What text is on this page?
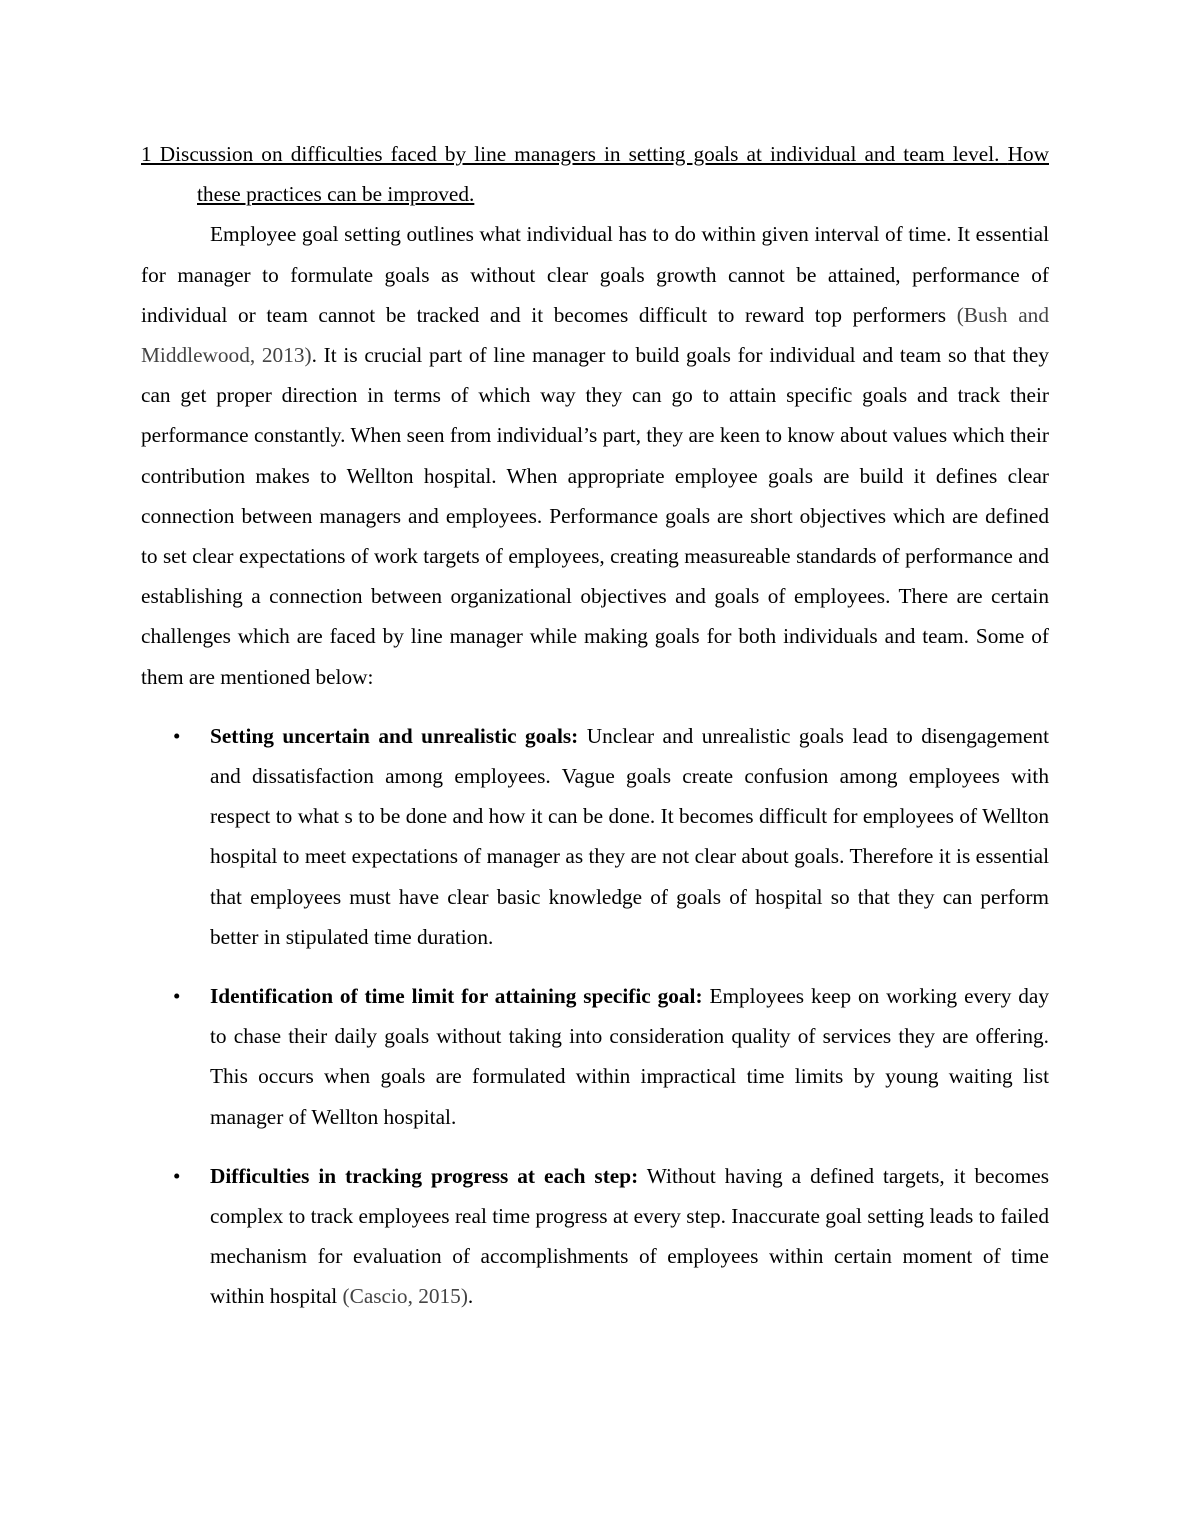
1 Discussion on difficulties faced by line managers in setting goals at individual and team level. How these practices can be improved.

Employee goal setting outlines what individual has to do within given interval of time. It essential for manager to formulate goals as without clear goals growth cannot be attained, performance of individual or team cannot be tracked and it becomes difficult to reward top performers (Bush and Middlewood, 2013). It is crucial part of line manager to build goals for individual and team so that they can get proper direction in terms of which way they can go to attain specific goals and track their performance constantly. When seen from individual’s part, they are keen to know about values which their contribution makes to Wellton hospital. When appropriate employee goals are build it defines clear connection between managers and employees. Performance goals are short objectives which are defined to set clear expectations of work targets of employees, creating measureable standards of performance and establishing a connection between organizational objectives and goals of employees. There are certain challenges which are faced by line manager while making goals for both individuals and team. Some of them are mentioned below:

• Setting uncertain and unrealistic goals: Unclear and unrealistic goals lead to disengagement and dissatisfaction among employees. Vague goals create confusion among employees with respect to what s to be done and how it can be done. It becomes difficult for employees of Wellton hospital to meet expectations of manager as they are not clear about goals. Therefore it is essential that employees must have clear basic knowledge of goals of hospital so that they can perform better in stipulated time duration.
• Identification of time limit for attaining specific goal: Employees keep on working every day to chase their daily goals without taking into consideration quality of services they are offering. This occurs when goals are formulated within impractical time limits by young waiting list manager of Wellton hospital.
• Difficulties in tracking progress at each step: Without having a defined targets, it becomes complex to track employees real time progress at every step. Inaccurate goal setting leads to failed mechanism for evaluation of accomplishments of employees within certain moment of time within hospital (Cascio, 2015).
